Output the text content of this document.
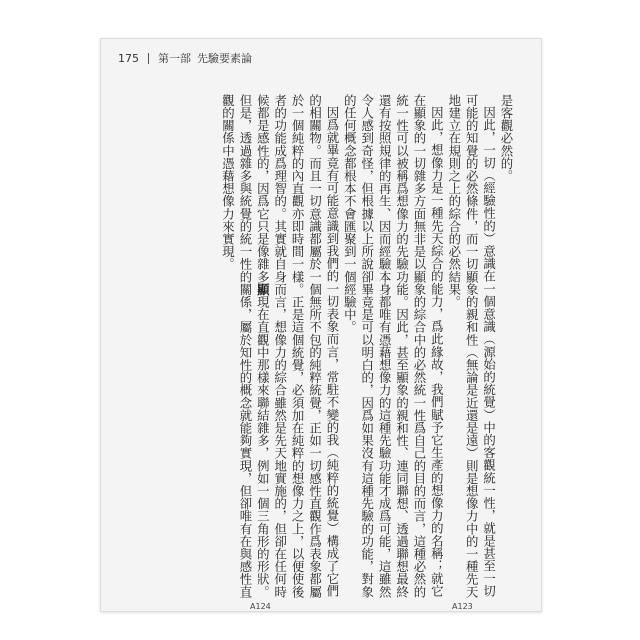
175 第一部 先驗要素論

是客觀必然的。

因此，一切（經驗性的）意識在一個意識（源始的統覺）中的客觀統一性，就是甚至一切可能的知覺的必然條件，而一切顯象的親和性（無論是近還是遠）則是想像力中的一種先天地建立在規則之上的綜合的必然結果。

因此，想像力是一種先天綜合的能力，爲此緣故，我們賦予它生產的想像力的名稱；就它在顯象的一切雜多方面無非是以顯象的綜合中的必然統一性爲自己的目的而言，這種必然的統一性可以被稱爲想像力的先驗功能。因此，甚至顯象的親和性、連同聯想、透過聯想最終還有按照規律的再生、因而經驗本身都唯有憑藉想像力的這種先驗功能才成爲可能，這雖然令人感到奇怪，但根據以上所說卻畢竟是可以明白的，因爲如果沒有這種先驗的功能，對象的任何概念都根本不會匯聚到一個經驗中。

因爲就畢竟有可能意識到我們的一切表象而言，常駐不變的我（純粹的統覺）構成了它們的相關物。而且一切意識都屬於一個無所不包的純粹統覺，正如一切感性直觀作爲表象都屬於一個純粹的內直觀亦即時間一樣。正是這個統覺，必須加在純粹的想像力之上，以便使後者的功能成爲理智的。其實就自身而言，想像力的綜合雖然是先天地實施的，但卻在任何時候都是感性的，因爲它只是像雜多顯現在直觀中那樣來聯結雜多，例如一個三角形的形狀。但是，透過雜多與統覺的統一性的關係，屬於知性的概念就能夠實現，但卻唯有在與感性直觀的關係中憑藉想像力來實現。

A124	A123
